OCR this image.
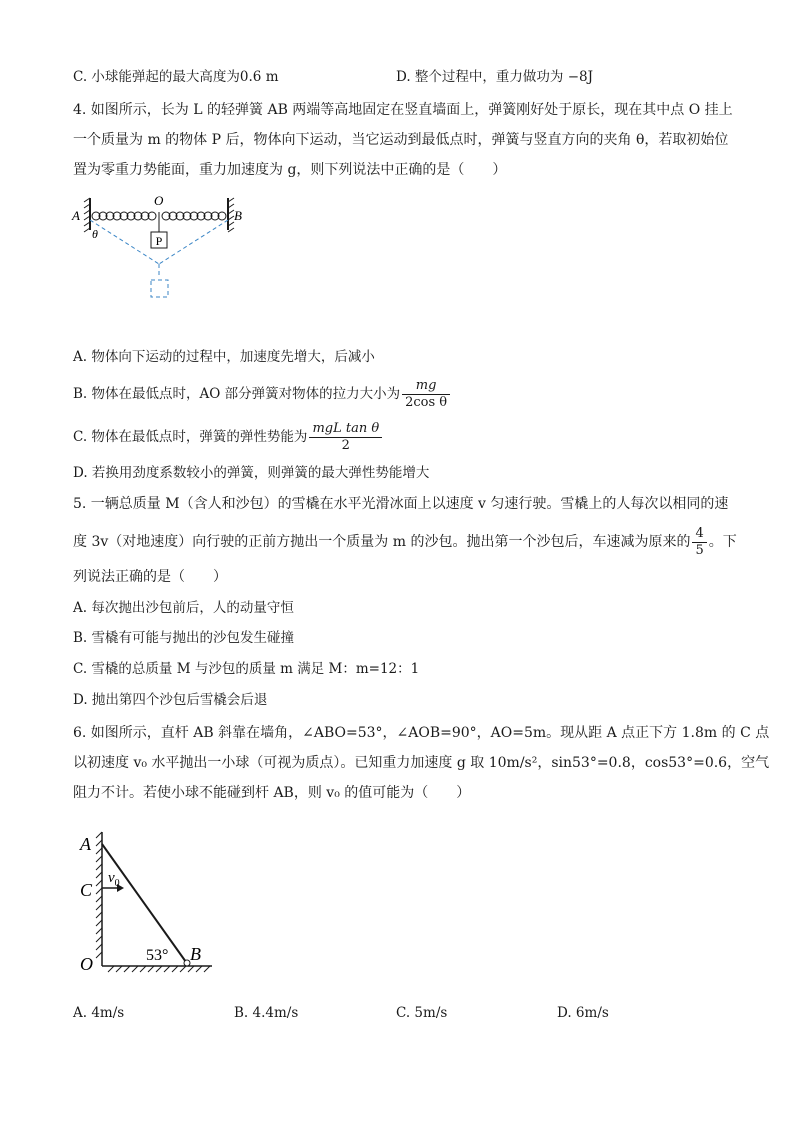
C. 小球能弹起的最大高度为0.6 m	D. 整个过程中，重力做功为 −8J
4. 如图所示，长为 L 的轻弹簧 AB 两端等高地固定在竖直墙面上，弹簧刚好处于原长，现在其中点 O 挂上
一个质量为 m 的物体 P 后，物体向下运动，当它运动到最低点时，弹簧与竖直方向的夹角 θ，若取初始位
置为零重力势能面，重力加速度为 g，则下列说法中正确的是（　　）
P
A	B
O
θ
A. 物体向下运动的过程中，加速度先增大，后减小
B. 物体在最低点时，AO 部分弹簧对物体的拉力大小为 $\frac{mg}{\text{2cos θ}}$
C. 物体在最低点时，弹簧的弹性势能为 $\frac{\text{mgL tan θ}}{2}$
D. 若换用劲度系数较小的弹簧，则弹簧的最大弹性势能增大
5. 一辆总质量 M（含人和沙包）的雪橇在水平光滑冰面上以速度 v 匀速行驶。雪橇上的人每次以相同的速
度 3v（对地速度）向行驶的正前方抛出一个质量为 m 的沙包。抛出第一个沙包后，车速减为原来的 $\frac{4}{5}$ 。下
列说法正确的是（　　）
A. 每次抛出沙包前后，人的动量守恒
B. 雪橇有可能与抛出的沙包发生碰撞
C. 雪橇的总质量 M 与沙包的质量 m 满足 M：m=12：1
D. 抛出第四个沙包后雪橇会后退
6. 如图所示，直杆 AB 斜靠在墙角，∠ABO=53°，∠AOB=90°，AO=5m。现从距 A 点正下方 1.8m 的 C 点
以初速度 v₀ 水平抛出一小球（可视为质点）。已知重力加速度 g 取 10m/s²，sin53°=0.8，cos53°=0.6，空气
阻力不计。若使小球不能碰到杆 AB，则 v₀ 的值可能为（　　）
A
C
$v_0$
O	B
53°
A. 4m/s	B. 4.4m/s	C. 5m/s	D. 6m/s
